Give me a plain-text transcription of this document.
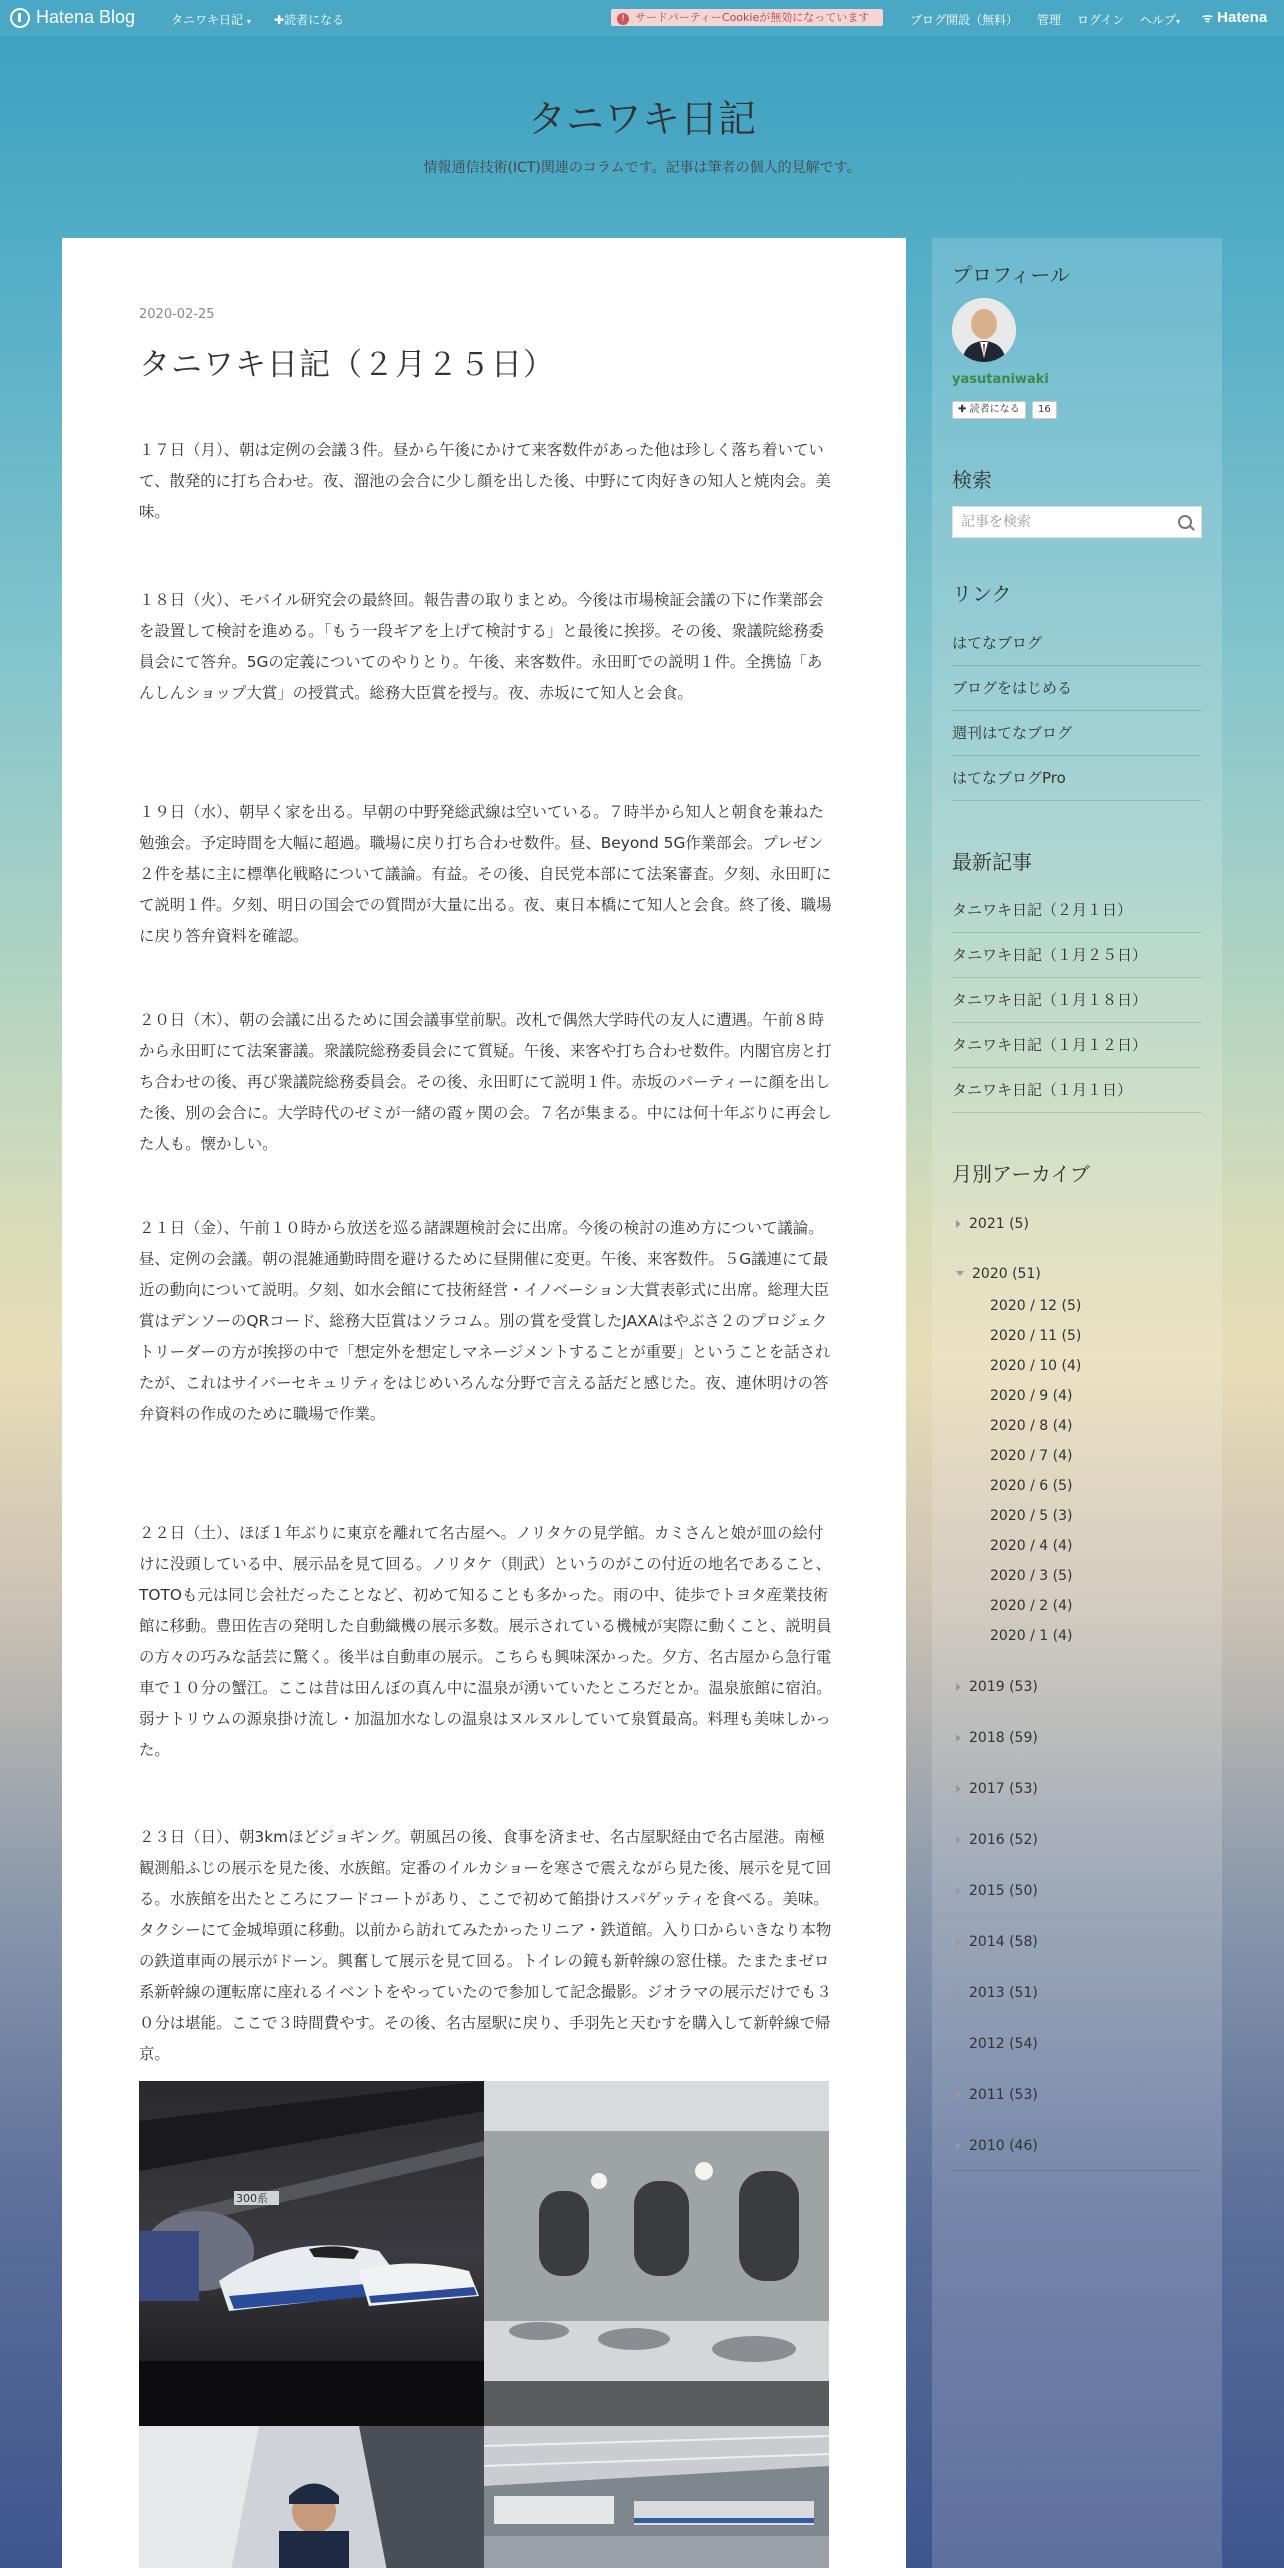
Hatena Blog	タニワキ日記 ▾ ✚読者になる	! サードパーティーCookieが無効になっています	ブログ開設（無料） 管理 ログイン ヘルプ▾ ᯤ Hatena
タニワキ日記
情報通信技術(ICT)関連のコラムです。記事は筆者の個人的見解です。
2020-02-25
タニワキ日記（２月２５日）

１７日（月）、朝は定例の会議３件。昼から午後にかけて来客数件があった他は珍しく落ち着いていて、散発的に打ち合わせ。夜、溜池の会合に少し顔を出した後、中野にて肉好きの知人と焼肉会。美味。

１８日（火）、モバイル研究会の最終回。報告書の取りまとめ。今後は市場検証会議の下に作業部会を設置して検討を進める。「もう一段ギアを上げて検討する」と最後に挨拶。その後、衆議院総務委員会にて答弁。5Gの定義についてのやりとり。午後、来客数件。永田町での説明１件。全携協「あんしんショップ大賞」の授賞式。総務大臣賞を授与。夜、赤坂にて知人と会食。

１９日（水）、朝早く家を出る。早朝の中野発総武線は空いている。７時半から知人と朝食を兼ねた勉強会。予定時間を大幅に超過。職場に戻り打ち合わせ数件。昼、Beyond 5G作業部会。プレゼン２件を基に主に標準化戦略について議論。有益。その後、自民党本部にて法案審査。夕刻、永田町にて説明１件。夕刻、明日の国会での質問が大量に出る。夜、東日本橋にて知人と会食。終了後、職場に戻り答弁資料を確認。

２０日（木）、朝の会議に出るために国会議事堂前駅。改札で偶然大学時代の友人に遭遇。午前８時から永田町にて法案審議。衆議院総務委員会にて質疑。午後、来客や打ち合わせ数件。内閣官房と打ち合わせの後、再び衆議院総務委員会。その後、永田町にて説明１件。赤坂のパーティーに顔を出した後、別の会合に。大学時代のゼミが一緒の霞ヶ関の会。７名が集まる。中には何十年ぶりに再会した人も。懐かしい。

２１日（金）、午前１０時から放送を巡る諸課題検討会に出席。今後の検討の進め方について議論。昼、定例の会議。朝の混雑通勤時間を避けるために昼開催に変更。午後、来客数件。５G議連にて最近の動向について説明。夕刻、如水会館にて技術経営・イノベーション大賞表彰式に出席。総理大臣賞はデンソーのQRコード、総務大臣賞はソラコム。別の賞を受賞したJAXAはやぶさ２のプロジェクトリーダーの方が挨拶の中で「想定外を想定しマネージメントすることが重要」ということを話されたが、これはサイバーセキュリティをはじめいろんな分野で言える話だと感じた。夜、連休明けの答弁資料の作成のために職場で作業。

２２日（土）、ほぼ１年ぶりに東京を離れて名古屋へ。ノリタケの見学館。カミさんと娘が皿の絵付けに没頭している中、展示品を見て回る。ノリタケ（則武）というのがこの付近の地名であること、TOTOも元は同じ会社だったことなど、初めて知ることも多かった。雨の中、徒歩でトヨタ産業技術館に移動。豊田佐吉の発明した自動織機の展示多数。展示されている機械が実際に動くこと、説明員の方々の巧みな話芸に驚く。後半は自動車の展示。こちらも興味深かった。夕方、名古屋から急行電車で１０分の蟹江。ここは昔は田んぼの真ん中に温泉が湧いていたところだとか。温泉旅館に宿泊。弱ナトリウムの源泉掛け流し・加温加水なしの温泉はヌルヌルしていて泉質最高。料理も美味しかった。

２３日（日）、朝3kmほどジョギング。朝風呂の後、食事を済ませ、名古屋駅経由で名古屋港。南極観測船ふじの展示を見た後、水族館。定番のイルカショーを寒さで震えながら見た後、展示を見て回る。水族館を出たところにフードコートがあり、ここで初めて餡掛けスパゲッティを食べる。美味。タクシーにて金城埠頭に移動。以前から訪れてみたかったリニア・鉄道館。入り口からいきなり本物の鉄道車両の展示がドーン。興奮して展示を見て回る。トイレの鏡も新幹線の窓仕様。たまたまゼロ系新幹線の運転席に座れるイベントをやっていたので参加して記念撮影。ジオラマの展示だけでも３０分は堪能。ここで３時間費やす。その後、名古屋駅に戻り、手羽先と天むすを購入して新幹線で帰京。

300系
プロフィール
yasutaniwaki
✚ 読者になる	16
検索
記事を検索
リンク
はてなブログ
ブログをはじめる
週刊はてなブログ
はてなブログPro
最新記事
タニワキ日記（２月１日）
タニワキ日記（１月２５日）
タニワキ日記（１月１８日）
タニワキ日記（１月１２日）
タニワキ日記（１月１日）
月別アーカイブ
2021 (5)
2020 (51)
2020 / 12 (5)
2020 / 11 (5)
2020 / 10 (4)
2020 / 9 (4)
2020 / 8 (4)
2020 / 7 (4)
2020 / 6 (5)
2020 / 5 (3)
2020 / 4 (4)
2020 / 3 (5)
2020 / 2 (4)
2020 / 1 (4)
2019 (53)
2018 (59)
2017 (53)
2016 (52)
2015 (50)
2014 (58)
2013 (51)
2012 (54)
2011 (53)
2010 (46)
